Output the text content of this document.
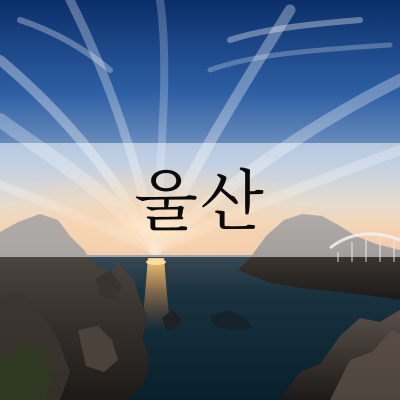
울산
